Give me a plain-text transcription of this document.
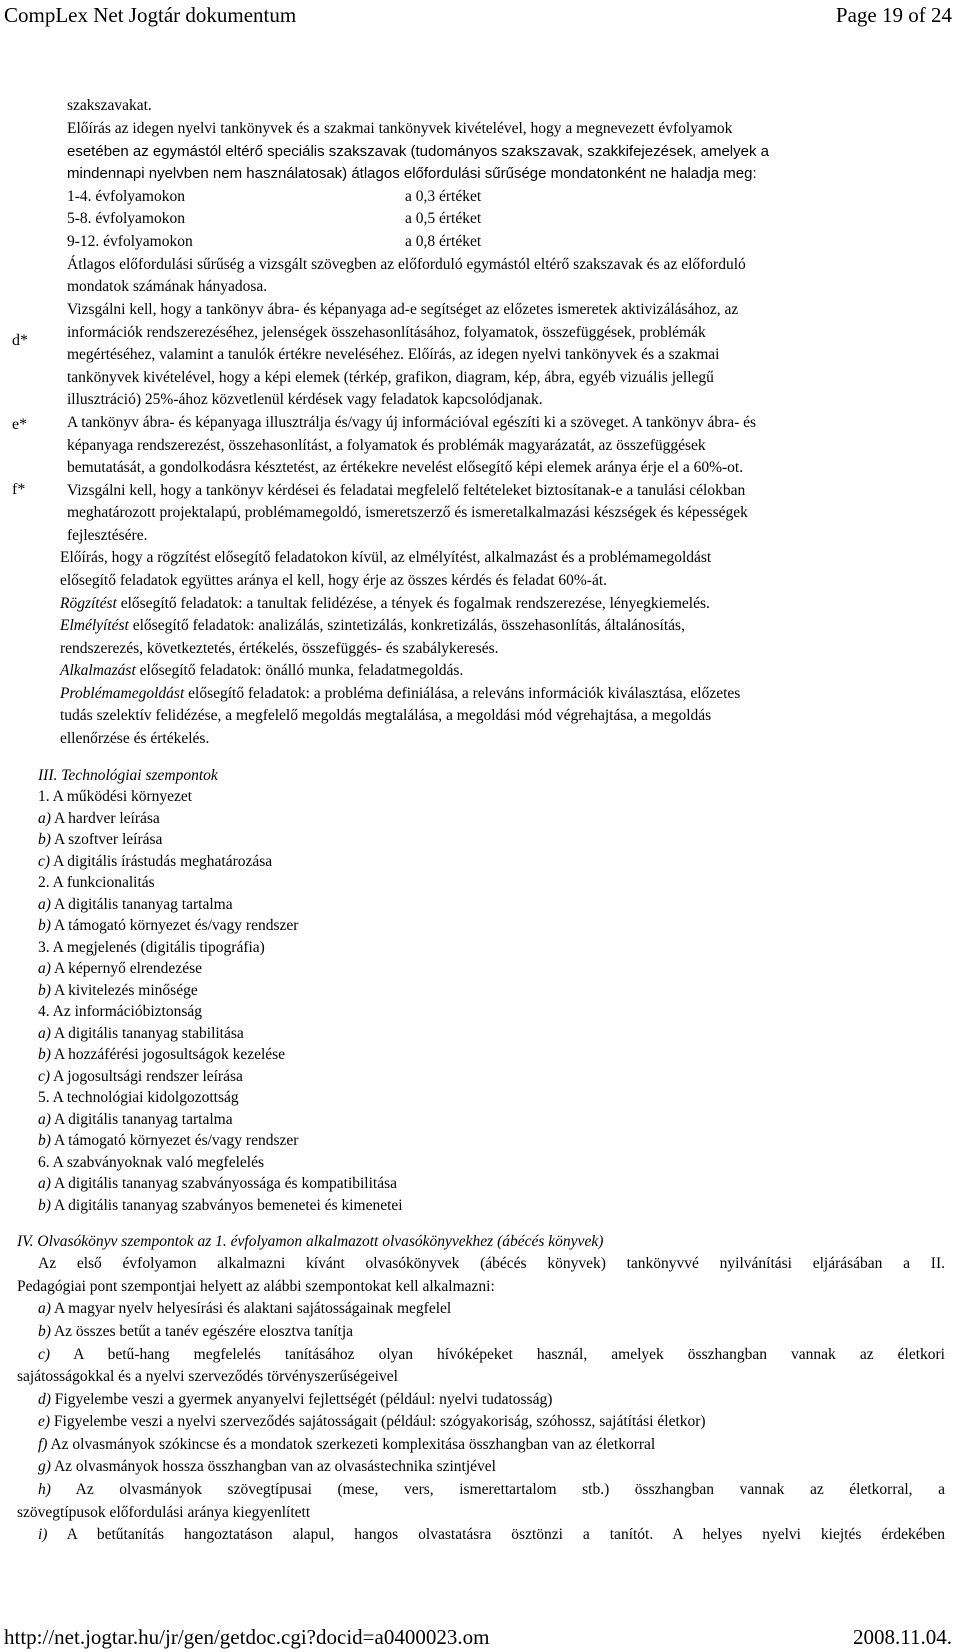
CompLex Net Jogtár dokumentum	Page 19 of 24
szakszavakat.
Előírás az idegen nyelvi tankönyvek és a szakmai tankönyvek kivételével, hogy a megnevezett évfolyamok
esetében az egymástól eltérő speciális szakszavak (tudományos szakszavak, szakkifejezések, amelyek a
mindennapi nyelvben nem használatosak) átlagos előfordulási sűrűsége mondatonként ne haladja meg:
1-4. évfolyamokon	a 0,3 értéket
5-8. évfolyamokon	a 0,5 értéket
9-12. évfolyamokon	a 0,8 értéket
Átlagos előfordulási sűrűség a vizsgált szövegben az előforduló egymástól eltérő szakszavak és az előforduló
mondatok számának hányadosa.
d*
e*
f*
Vizsgálni kell, hogy a tankönyv ábra- és képanyaga ad-e segítséget az előzetes ismeretek aktivizálásához, az
információk rendszerezéséhez, jelenségek összehasonlításához, folyamatok, összefüggések, problémák
megértéséhez, valamint a tanulók értékre neveléséhez. Előírás, az idegen nyelvi tankönyvek és a szakmai
tankönyvek kivételével, hogy a képi elemek (térkép, grafikon, diagram, kép, ábra, egyéb vizuális jellegű
illusztráció) 25%-ához közvetlenül kérdések vagy feladatok kapcsolódjanak.
A tankönyv ábra- és képanyaga illusztrálja és/vagy új információval egészíti ki a szöveget. A tankönyv ábra- és
képanyaga rendszerezést, összehasonlítást, a folyamatok és problémák magyarázatát, az összefüggések
bemutatását, a gondolkodásra késztetést, az értékekre nevelést elősegítő képi elemek aránya érje el a 60%-ot.
Vizsgálni kell, hogy a tankönyv kérdései és feladatai megfelelő feltételeket biztosítanak-e a tanulási célokban
meghatározott projektalapú, problémamegoldó, ismeretszerző és ismeretalkalmazási készségek és képességek
fejlesztésére.
Előírás, hogy a rögzítést elősegítő feladatokon kívül, az elmélyítést, alkalmazást és a problémamegoldást
elősegítő feladatok együttes aránya el kell, hogy érje az összes kérdés és feladat 60%-át.
Rögzítést elősegítő feladatok: a tanultak felidézése, a tények és fogalmak rendszerezése, lényegkiemelés.
Elmélyítést elősegítő feladatok: analizálás, szintetizálás, konkretizálás, összehasonlítás, általánosítás,
rendszerezés, következtetés, értékelés, összefüggés- és szabálykeresés.
Alkalmazást elősegítő feladatok: önálló munka, feladatmegoldás.
Problémamegoldást elősegítő feladatok: a probléma definiálása, a releváns információk kiválasztása, előzetes
tudás szelektív felidézése, a megfelelő megoldás megtalálása, a megoldási mód végrehajtása, a megoldás
ellenőrzése és értékelés.
III. Technológiai szempontok
1. A működési környezet
a) A hardver leírása
b) A szoftver leírása
c) A digitális írástudás meghatározása
2. A funkcionalitás
a) A digitális tananyag tartalma
b) A támogató környezet és/vagy rendszer
3. A megjelenés (digitális tipográfia)
a) A képernyő elrendezése
b) A kivitelezés minősége
4. Az információbiztonság
a) A digitális tananyag stabilitása
b) A hozzáférési jogosultságok kezelése
c) A jogosultsági rendszer leírása
5. A technológiai kidolgozottság
a) A digitális tananyag tartalma
b) A támogató környezet és/vagy rendszer
6. A szabványoknak való megfelelés
a) A digitális tananyag szabványossága és kompatibilitása
b) A digitális tananyag szabványos bemenetei és kimenetei
IV. Olvasókönyv szempontok az 1. évfolyamon alkalmazott olvasókönyvekhez (ábécés könyvek)
Az első évfolyamon alkalmazni kívánt olvasókönyvek (ábécés könyvek) tankönyvvé nyilvánítási eljárásában a II.
Pedagógiai pont szempontjai helyett az alábbi szempontokat kell alkalmazni:
a) A magyar nyelv helyesírási és alaktani sajátosságainak megfelel
b) Az összes betűt a tanév egészére elosztva tanítja
c) A betű-hang megfelelés tanításához olyan hívóképeket használ, amelyek összhangban vannak az életkori
sajátosságokkal és a nyelvi szerveződés törvényszerűségeivel
d) Figyelembe veszi a gyermek anyanyelvi fejlettségét (például: nyelvi tudatosság)
e) Figyelembe veszi a nyelvi szerveződés sajátosságait (például: szógyakoriság, szóhossz, sajátítási életkor)
f) Az olvasmányok szókincse és a mondatok szerkezeti komplexitása összhangban van az életkorral
g) Az olvasmányok hossza összhangban van az olvasástechnika szintjével
h) Az olvasmányok szövegtípusai (mese, vers, ismerettartalom stb.) összhangban vannak az életkorral, a
szövegtípusok előfordulási aránya kiegyenlített
i) A betűtanítás hangoztatáson alapul, hangos olvastatásra ösztönzi a tanítót. A helyes nyelvi kiejtés érdekében
http://net.jogtar.hu/jr/gen/getdoc.cgi?docid=a0400023.om	2008.11.04.
